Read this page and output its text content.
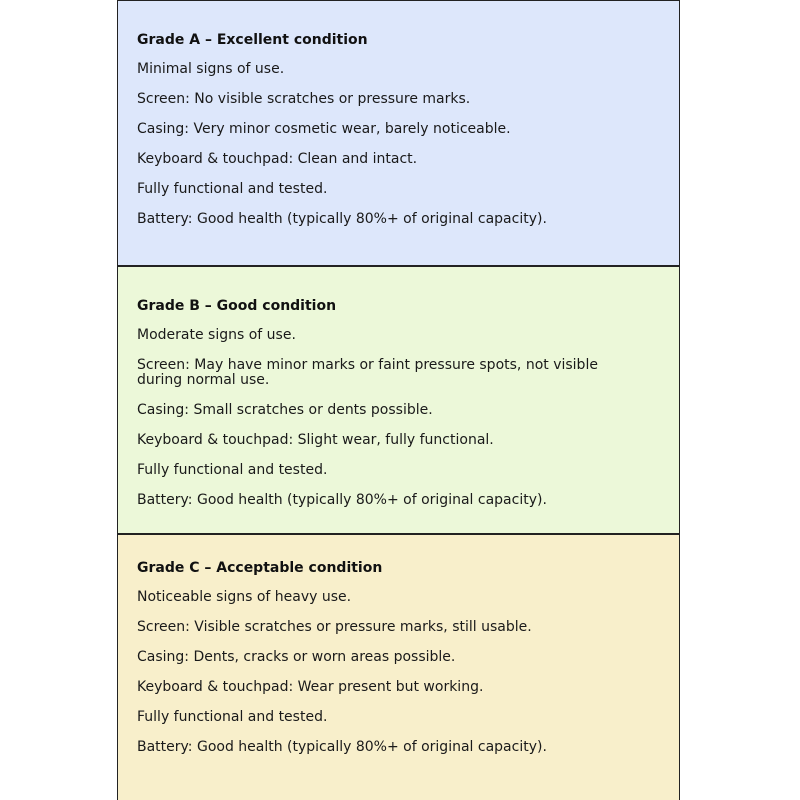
Grade A – Excellent condition
Minimal signs of use.
Screen: No visible scratches or pressure marks.
Casing: Very minor cosmetic wear, barely noticeable.
Keyboard & touchpad: Clean and intact.
Fully functional and tested.
Battery: Good health (typically 80%+ of original capacity).
Grade B – Good condition
Moderate signs of use.
Screen: May have minor marks or faint pressure spots, not visible during normal use.
Casing: Small scratches or dents possible.
Keyboard & touchpad: Slight wear, fully functional.
Fully functional and tested.
Battery: Good health (typically 80%+ of original capacity).
Grade C – Acceptable condition
Noticeable signs of heavy use.
Screen: Visible scratches or pressure marks, still usable.
Casing: Dents, cracks or worn areas possible.
Keyboard & touchpad: Wear present but working.
Fully functional and tested.
Battery: Good health (typically 80%+ of original capacity).
